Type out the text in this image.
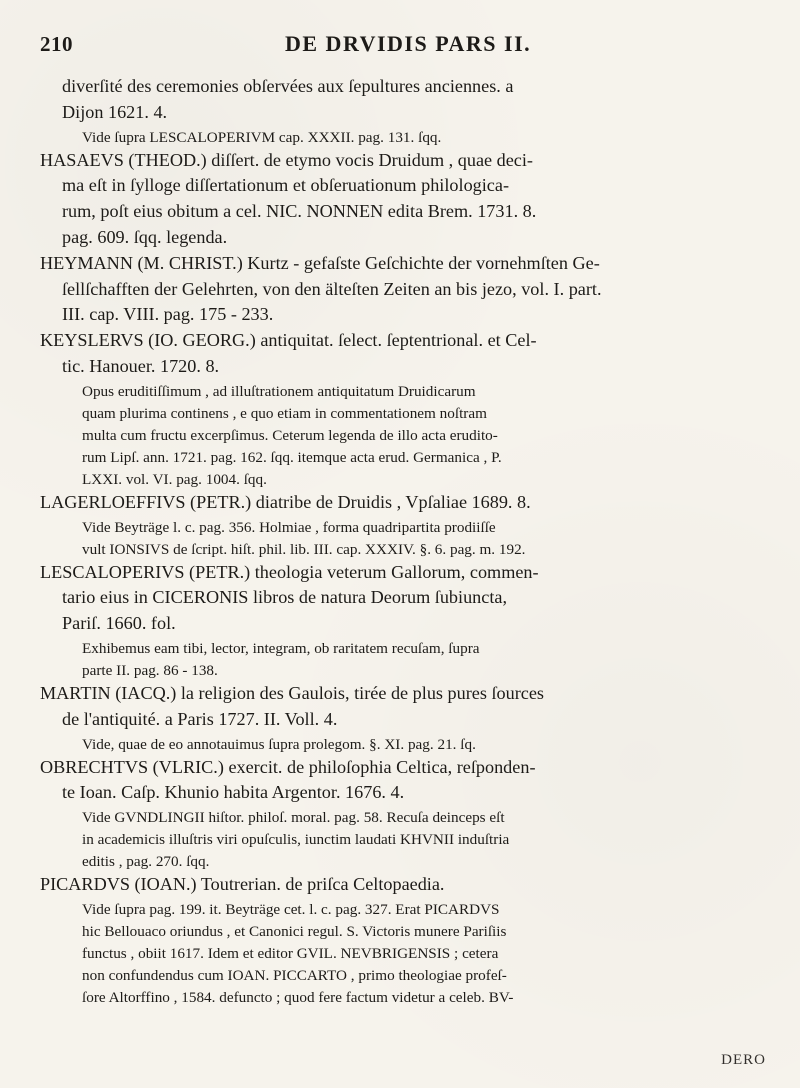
210	DE DRVIDIS PARS II.
diverſité des ceremonies obſervées aux ſepultures anciennes. a
Dijon 1621. 4.
Vide ſupra LESCALOPERIVM cap. XXXII. pag. 131. ſqq.
HASAEVS (THEOD.) diſſert. de etymo vocis Druidum , quae deci-
ma eſt in ſylloge diſſertationum et obſeruationum philologica-
rum, poſt eius obitum a cel. NIC. NONNEN edita Brem. 1731. 8.
pag. 609. ſqq. legenda.
HEYMANN (M. CHRIST.) Kurtz - gefaſste Geſchichte der vornehmſten Ge-
ſellſchafften der Gelehrten, von den älteſten Zeiten an bis jezo, vol. I. part.
III. cap. VIII. pag. 175 - 233.
KEYSLERVS (IO. GEORG.) antiquitat. ſelect. ſeptentrional. et Cel-
tic. Hanouer. 1720. 8.
Opus eruditiſſimum , ad illuſtrationem antiquitatum Druidicarum
quam plurima continens , e quo etiam in commentationem noſtram
multa cum fructu excerpſimus. Ceterum legenda de illo acta erudito-
rum Lipſ. ann. 1721. pag. 162. ſqq. itemque acta erud. Germanica , P.
LXXI. vol. VI. pag. 1004. ſqq.
LAGERLOEFFIVS (PETR.) diatribe de Druidis , Vpſaliae 1689. 8.
Vide Beyträge l. c. pag. 356. Holmiae , forma quadripartita prodiiſſe
vult IONSIVS de ſcript. hiſt. phil. lib. III. cap. XXXIV. §. 6. pag. m. 192.
LESCALOPERIVS (PETR.) theologia veterum Gallorum, commen-
tario eius in CICERONIS libros de natura Deorum ſubiuncta,
Pariſ. 1660. fol.
Exhibemus eam tibi, lector, integram, ob raritatem recuſam, ſupra
parte II. pag. 86 - 138.
MARTIN (IACQ.) la religion des Gaulois, tirée de plus pures ſources
de l'antiquité. a Paris 1727. II. Voll. 4.
Vide, quae de eo annotauimus ſupra prolegom. §. XI. pag. 21. ſq.
OBRECHTVS (VLRIC.) exercit. de philoſophia Celtica, reſponden-
te Ioan. Caſp. Khunio habita Argentor. 1676. 4.
Vide GVNDLINGII hiſtor. philoſ. moral. pag. 58. Recuſa deinceps eſt
in academicis illuſtris viri opuſculis, iunctim laudati KHVNII induſtria
editis , pag. 270. ſqq.
PICARDVS (IOAN.) Toutrerian. de priſca Celtopaedia.
Vide ſupra pag. 199. it. Beyträge cet. l. c. pag. 327. Erat PICARDVS
hic Bellouaco oriundus , et Canonici regul. S. Victoris munere Pariſiis
functus , obiit 1617. Idem et editor GVIL. NEVBRIGENSIS ; cetera
non confundendus cum IOAN. PICCARTO , primo theologiae profeſ-
ſore Altorffino , 1584. defuncto ; quod fere factum videtur a celeb. BV-
DERO
